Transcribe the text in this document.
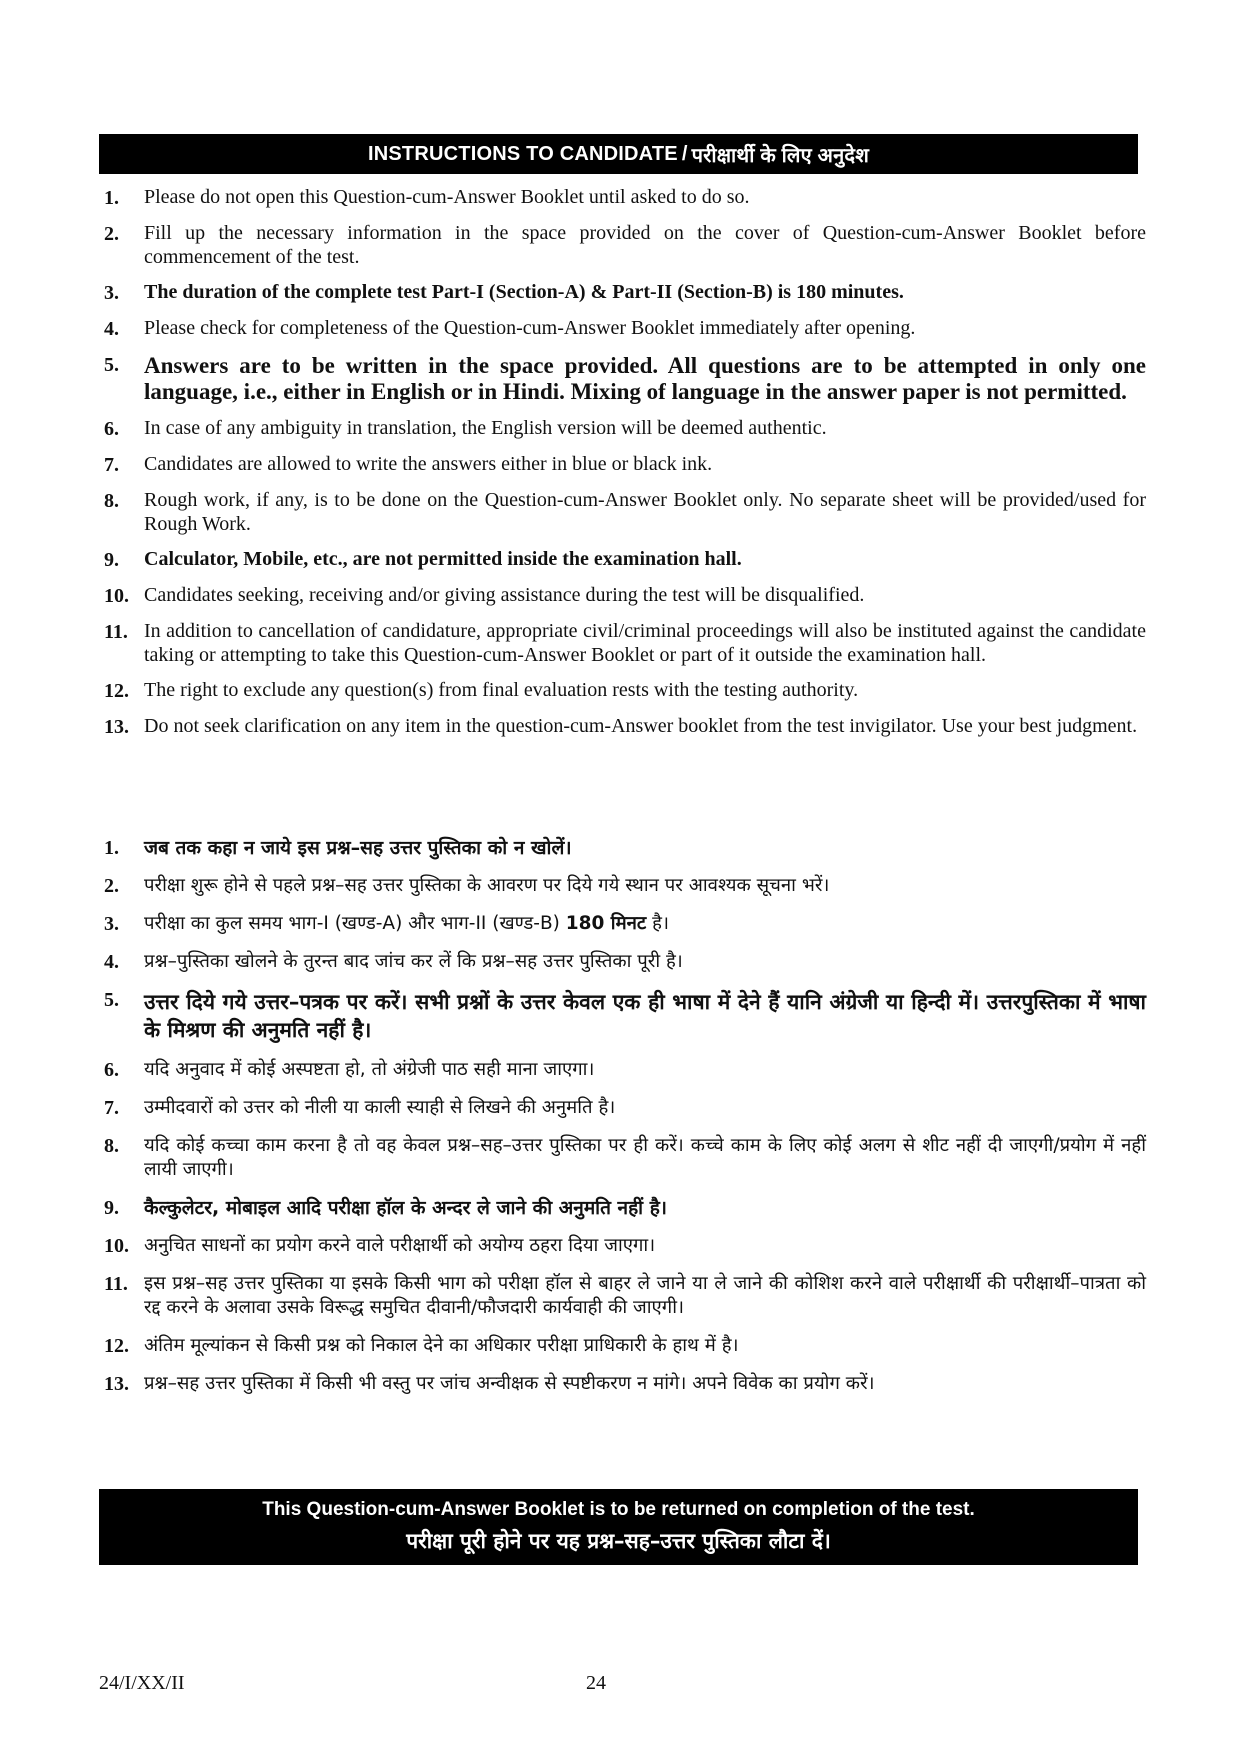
INSTRUCTIONS TO CANDIDATE / परीक्षार्थी के लिए अनुदेश
1.	Please do not open this Question-cum-Answer Booklet until asked to do so.
2.	Fill up the necessary information in the space provided on the cover of Question-cum-Answer Booklet before commencement of the test.
3.	The duration of the complete test Part-I (Section-A) & Part-II (Section-B) is 180 minutes.
4.	Please check for completeness of the Question-cum-Answer Booklet immediately after opening.
5.	Answers are to be written in the space provided. All questions are to be attempted in only one language, i.e., either in English or in Hindi. Mixing of language in the answer paper is not permitted.
6.	In case of any ambiguity in translation, the English version will be deemed authentic.
7.	Candidates are allowed to write the answers either in blue or black ink.
8.	Rough work, if any, is to be done on the Question-cum-Answer Booklet only. No separate sheet will be provided/used for Rough Work.
9.	Calculator, Mobile, etc., are not permitted inside the examination hall.
10. Candidates seeking, receiving and/or giving assistance during the test will be disqualified.
11. In addition to cancellation of candidature, appropriate civil/criminal proceedings will also be instituted against the candidate taking or attempting to take this Question-cum-Answer Booklet or part of it outside the examination hall.
12. The right to exclude any question(s) from final evaluation rests with the testing authority.
13. Do not seek clarification on any item in the question-cum-Answer booklet from the test invigilator. Use your best judgment.
1.	जब तक कहा न जाये इस प्रश्न–सह उत्तर पुस्तिका को न खोलें।
2.	परीक्षा शुरू होने से पहले प्रश्न–सह उत्तर पुस्तिका के आवरण पर दिये गये स्थान पर आवश्यक सूचना भरें।
3.	परीक्षा का कुल समय भाग-I (खण्ड-A) और भाग-II (खण्ड-B) 180 मिनट है।
4.	प्रश्न–पुस्तिका खोलने के तुरन्त बाद जांच कर लें कि प्रश्न–सह उत्तर पुस्तिका पूरी है।
5.	उत्तर दिये गये उत्तर–पत्रक पर करें। सभी प्रश्नों के उत्तर केवल एक ही भाषा में देने हैं यानि अंग्रेजी या हिन्दी में। उत्तरपुस्तिका में भाषा के मिश्रण की अनुमति नहीं है।
6.	यदि अनुवाद में कोई अस्पष्टता हो, तो अंग्रेजी पाठ सही माना जाएगा।
7.	उम्मीदवारों को उत्तर को नीली या काली स्याही से लिखने की अनुमति है।
8.	यदि कोई कच्चा काम करना है तो वह केवल प्रश्न–सह–उत्तर पुस्तिका पर ही करें। कच्चे काम के लिए कोई अलग से शीट नहीं दी जाएगी/प्रयोग में नहीं लायी जाएगी।
9.	कैल्कुलेटर, मोबाइल आदि परीक्षा हॉल के अन्दर ले जाने की अनुमति नहीं है।
10. अनुचित साधनों का प्रयोग करने वाले परीक्षार्थी को अयोग्य ठहरा दिया जाएगा।
11. इस प्रश्न–सह उत्तर पुस्तिका या इसके किसी भाग को परीक्षा हॉल से बाहर ले जाने या ले जाने की कोशिश करने वाले परीक्षार्थी की परीक्षार्थी–पात्रता को रद्द करने के अलावा उसके विरूद्ध समुचित दीवानी/फौजदारी कार्यवाही की जाएगी।
12. अंतिम मूल्यांकन से किसी प्रश्न को निकाल देने का अधिकार परीक्षा प्राधिकारी के हाथ में है।
13. प्रश्न–सह उत्तर पुस्तिका में किसी भी वस्तु पर जांच अन्वीक्षक से स्पष्टीकरण न मांगे। अपने विवेक का प्रयोग करें।
This Question-cum-Answer Booklet is to be returned on completion of the test.
परीक्षा पूरी होने पर यह प्रश्न–सह–उत्तर पुस्तिका लौटा दें।
24/I/XX/II	24
